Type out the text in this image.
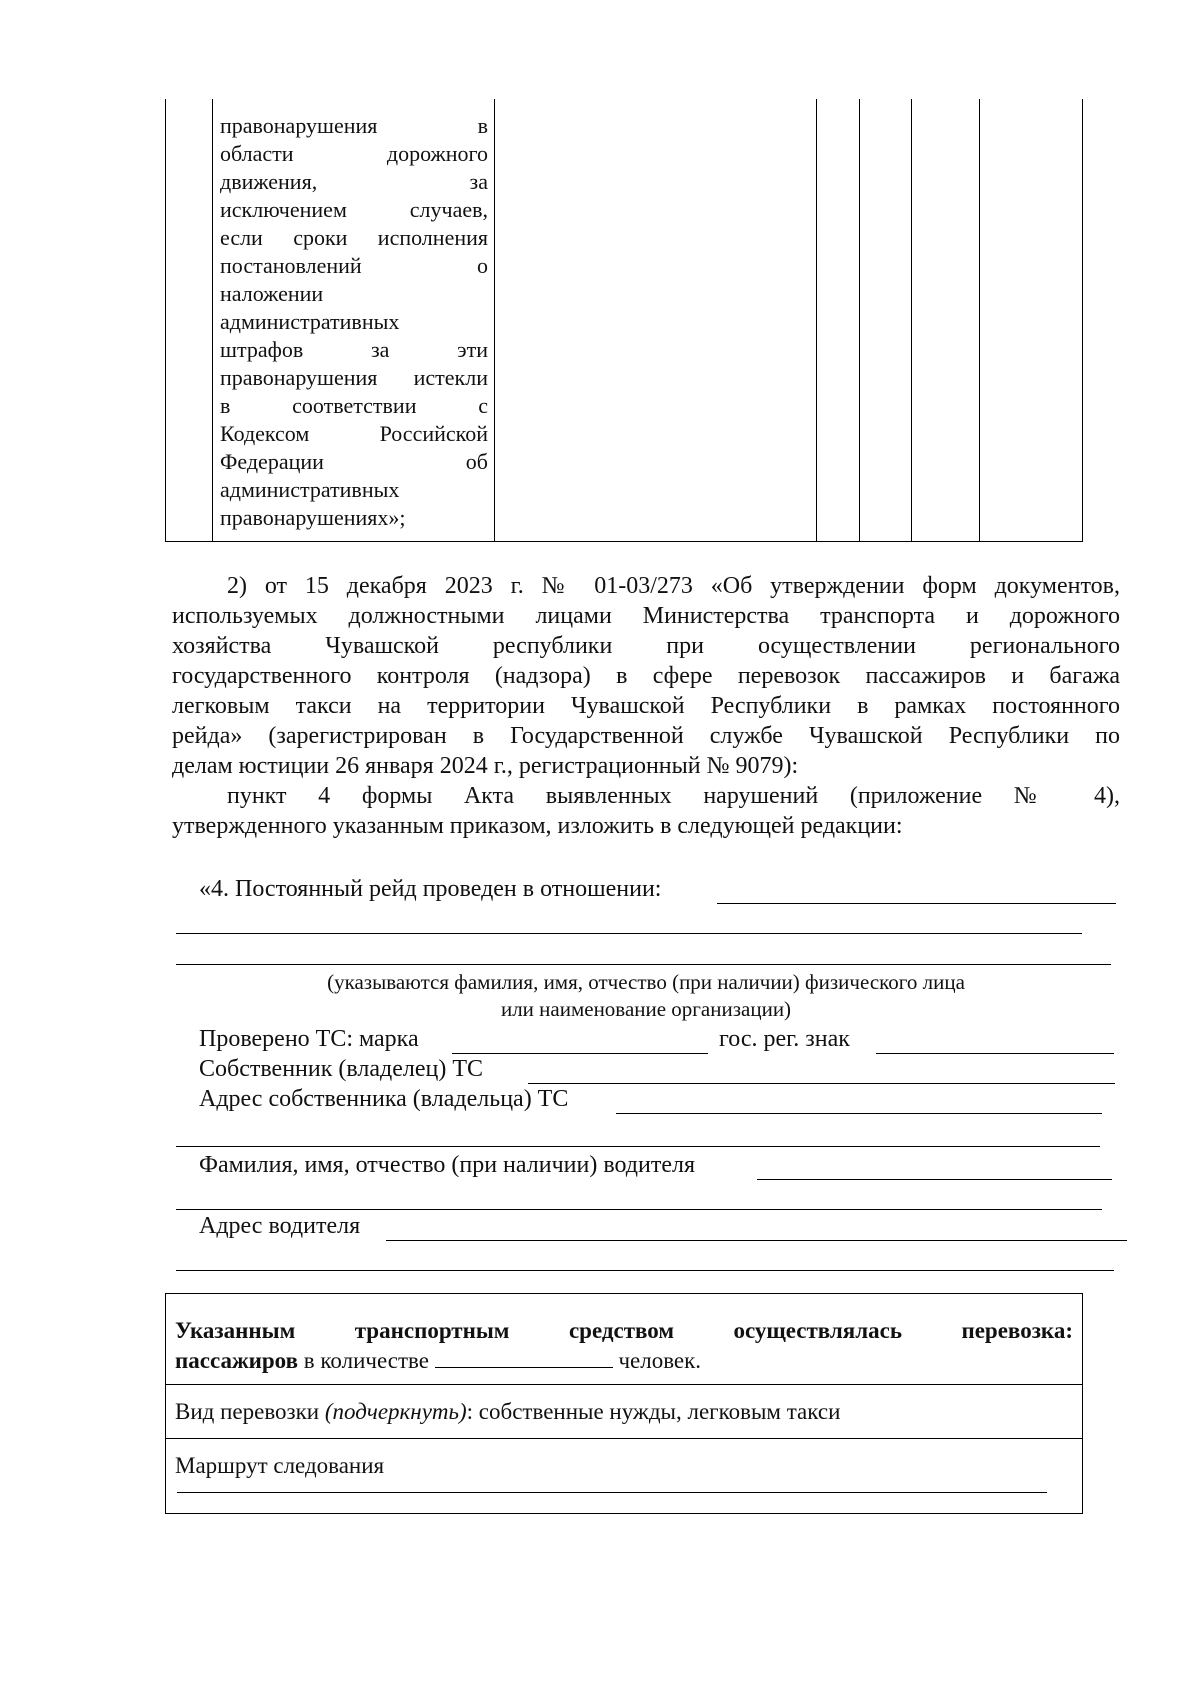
правонарушения в
области дорожного
движения, за
исключением случаев,
если сроки исполнения
постановлений о
наложении
административных
штрафов за эти
правонарушения истекли
в соответствии с
Кодексом Российской
Федерации об
административных
правонарушениях»;
2) от 15 декабря 2023 г. № 01-03/273 «Об утверждении форм документов,
используемых должностными лицами Министерства транспорта и дорожного
хозяйства Чувашской республики при осуществлении регионального
государственного контроля (надзора) в сфере перевозок пассажиров и багажа
легковым такси на территории Чувашской Республики в рамках постоянного
рейда» (зарегистрирован в Государственной службе Чувашской Республики по
делам юстиции 26 января 2024 г., регистрационный № 9079):
пункт 4 формы Акта выявленных нарушений (приложение № 4),
утвержденного указанным приказом, изложить в следующей редакции:
«4. Постоянный рейд проведен в отношении:
(указываются фамилия, имя, отчество (при наличии) физического лица
или наименование организации)
Проверено ТС: марка	гос. рег. знак
Собственник (владелец) ТС
Адрес собственника (владельца) ТС
Фамилия, имя, отчество (при наличии) водителя
Адрес водителя
Указанным транспортным средством осуществлялась перевозка:
пассажиров в количестве	человек.
Вид перевозки (подчеркнуть): собственные нужды, легковым такси
Маршрут следования
